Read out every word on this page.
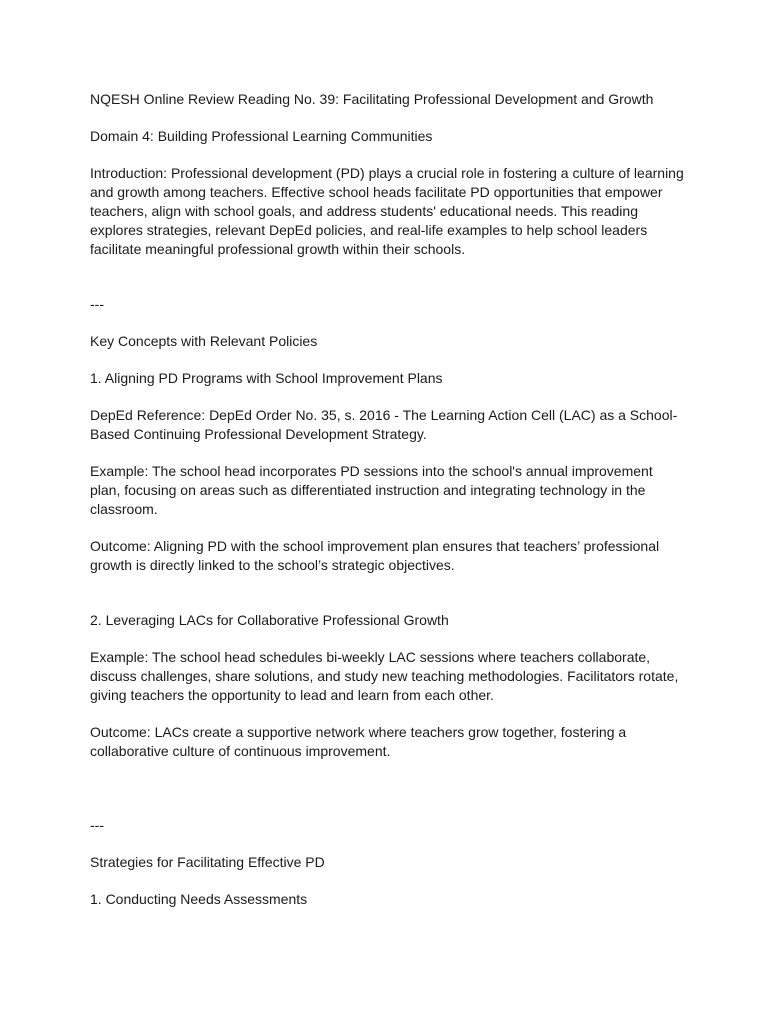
NQESH Online Review Reading No. 39: Facilitating Professional Development and Growth

Domain 4: Building Professional Learning Communities

Introduction: Professional development (PD) plays a crucial role in fostering a culture of learning and growth among teachers. Effective school heads facilitate PD opportunities that empower teachers, align with school goals, and address students' educational needs. This reading explores strategies, relevant DepEd policies, and real-life examples to help school leaders facilitate meaningful professional growth within their schools.

---

Key Concepts with Relevant Policies

1. Aligning PD Programs with School Improvement Plans

DepEd Reference: DepEd Order No. 35, s. 2016 - The Learning Action Cell (LAC) as a School-Based Continuing Professional Development Strategy.

Example: The school head incorporates PD sessions into the school's annual improvement plan, focusing on areas such as differentiated instruction and integrating technology in the classroom.

Outcome: Aligning PD with the school improvement plan ensures that teachers’ professional growth is directly linked to the school’s strategic objectives.

2. Leveraging LACs for Collaborative Professional Growth

Example: The school head schedules bi-weekly LAC sessions where teachers collaborate, discuss challenges, share solutions, and study new teaching methodologies. Facilitators rotate, giving teachers the opportunity to lead and learn from each other.

Outcome: LACs create a supportive network where teachers grow together, fostering a collaborative culture of continuous improvement.

---

Strategies for Facilitating Effective PD

1. Conducting Needs Assessments
